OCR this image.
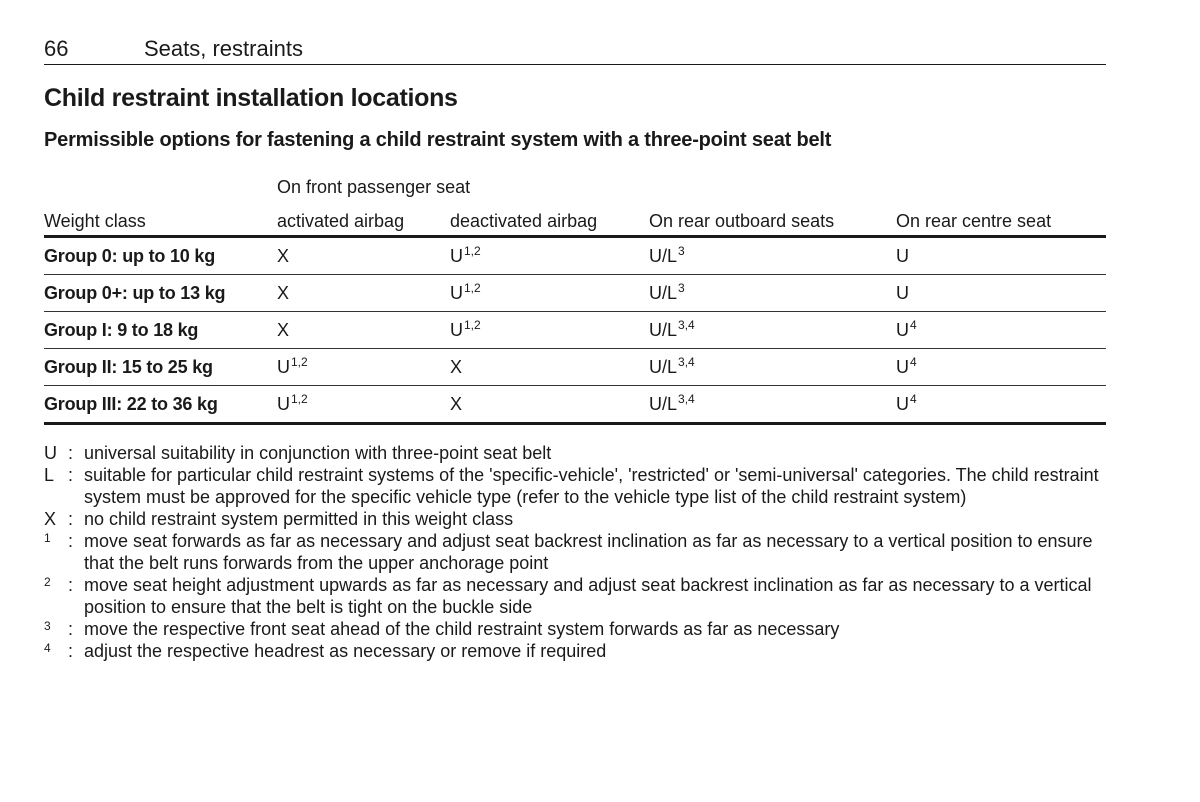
66	Seats, restraints
Child restraint installation locations
Permissible options for fastening a child restraint system with a three-point seat belt
	On front passenger seat			
Weight class	activated airbag	deactivated airbag	On rear outboard seats	On rear centre seat
Group 0: up to 10 kg	X	U$^{1,2}$	$U/L^3$	U
Group 0+: up to 13 kg	X	U$^{1,2}$	$U/L^3$	U
Group I: 9 to 18 kg	X	U$^{1,2}$	$U/L^{3,4}$	$U^4$
Group II: 15 to 25 kg	U$^{1,2}$	X	$U/L^{3,4}$	$U^4$
Group III: 22 to 36 kg	U$^{1,2}$	X	$U/L^{3,4}$	$U^4$
U : universal suitability in conjunction with three-point seat belt
L : suitable for particular child restraint systems of the 'specific-vehicle', 'restricted' or 'semi-universal' categories. The child restraint system must be approved for the specific vehicle type (refer to the vehicle type list of the child restraint system)
X : no child restraint system permitted in this weight class
1 : move seat forwards as far as necessary and adjust seat backrest inclination as far as necessary to a vertical position to ensure that the belt runs forwards from the upper anchorage point
2 : move seat height adjustment upwards as far as necessary and adjust seat backrest inclination as far as necessary to a vertical position to ensure that the belt is tight on the buckle side
3 : move the respective front seat ahead of the child restraint system forwards as far as necessary
4 : adjust the respective headrest as necessary or remove if required
